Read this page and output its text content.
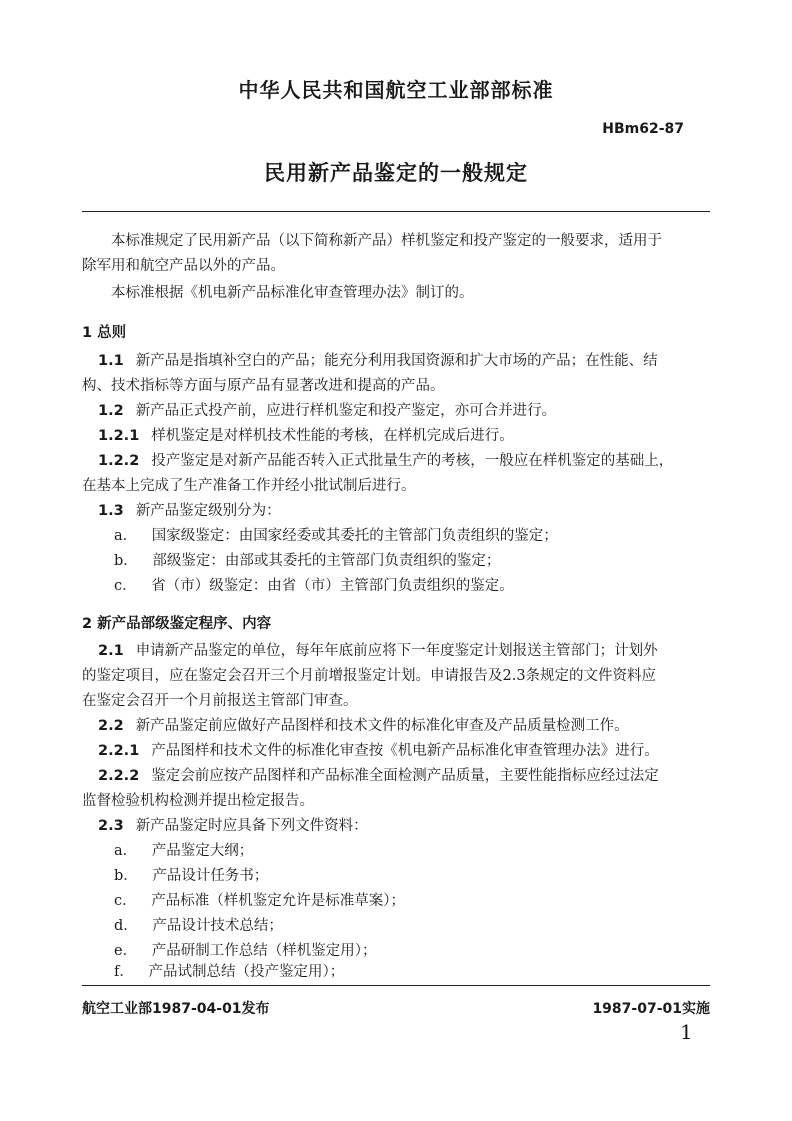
中华人民共和国航空工业部部标准
HBm62-87
民用新产品鉴定的一般规定
本标准规定了民用新产品（以下简称新产品）样机鉴定和投产鉴定的一般要求，适用于
除军用和航空产品以外的产品。
本标准根据《机电新产品标准化审查管理办法》制订的。
1 总则
1.1 新产品是指填补空白的产品；能充分利用我国资源和扩大市场的产品；在性能、结
构、技术指标等方面与原产品有显著改进和提高的产品。
1.2 新产品正式投产前，应进行样机鉴定和投产鉴定，亦可合并进行。
1.2.1 样机鉴定是对样机技术性能的考核，在样机完成后进行。
1.2.2 投产鉴定是对新产品能否转入正式批量生产的考核，一般应在样机鉴定的基础上，
在基本上完成了生产准备工作并经小批试制后进行。
1.3 新产品鉴定级别分为：
a． 国家级鉴定：由国家经委或其委托的主管部门负责组织的鉴定；
b． 部级鉴定：由部或其委托的主管部门负责组织的鉴定；
c． 省（市）级鉴定：由省（市）主管部门负责组织的鉴定。
2 新产品部级鉴定程序、内容
2.1 申请新产品鉴定的单位，每年年底前应将下一年度鉴定计划报送主管部门；计划外
的鉴定项目，应在鉴定会召开三个月前增报鉴定计划。申请报告及2.3条规定的文件资料应
在鉴定会召开一个月前报送主管部门审查。
2.2 新产品鉴定前应做好产品图样和技术文件的标准化审查及产品质量检测工作。
2.2.1 产品图样和技术文件的标准化审查按《机电新产品标准化审查管理办法》进行。
2.2.2 鉴定会前应按产品图样和产品标准全面检测产品质量，主要性能指标应经过法定
监督检验机构检测并提出检定报告。
2.3 新产品鉴定时应具备下列文件资料：
a． 产品鉴定大纲；
b． 产品设计任务书；
c． 产品标准（样机鉴定允许是标准草案）；
d． 产品设计技术总结；
e． 产品研制工作总结（样机鉴定用）；
f． 产品试制总结（投产鉴定用）；
航空工业部1987-04-01发布	1987-07-01实施
1
